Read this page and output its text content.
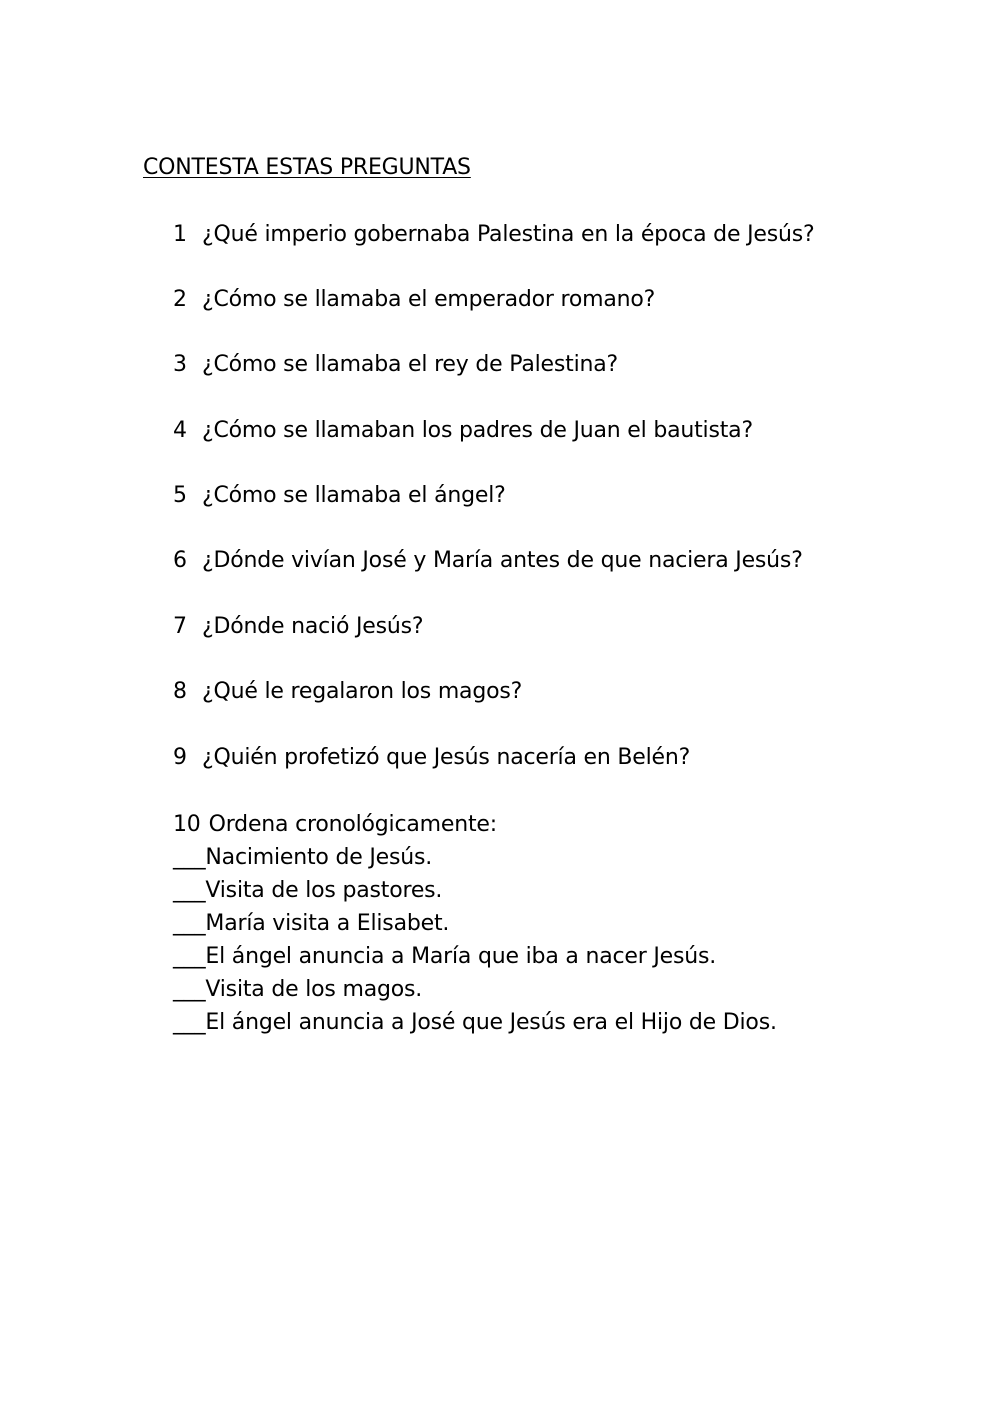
CONTESTA ESTAS PREGUNTAS
1 ¿Qué imperio gobernaba Palestina en la época de Jesús?
2 ¿Cómo se llamaba el emperador romano?
3 ¿Cómo se llamaba el rey de Palestina?
4 ¿Cómo se llamaban los padres de Juan el bautista?
5 ¿Cómo se llamaba el ángel?
6 ¿Dónde vivían José y María antes de que naciera Jesús?
7 ¿Dónde nació Jesús?
8 ¿Qué le regalaron los magos?
9 ¿Quién profetizó que Jesús nacería en Belén?
10 Ordena cronológicamente:
___Nacimiento de Jesús.
___Visita de los pastores.
___María visita a Elisabet.
___El ángel anuncia a María que iba a nacer Jesús.
___Visita de los magos.
___El ángel anuncia a José que Jesús era el Hijo de Dios.
